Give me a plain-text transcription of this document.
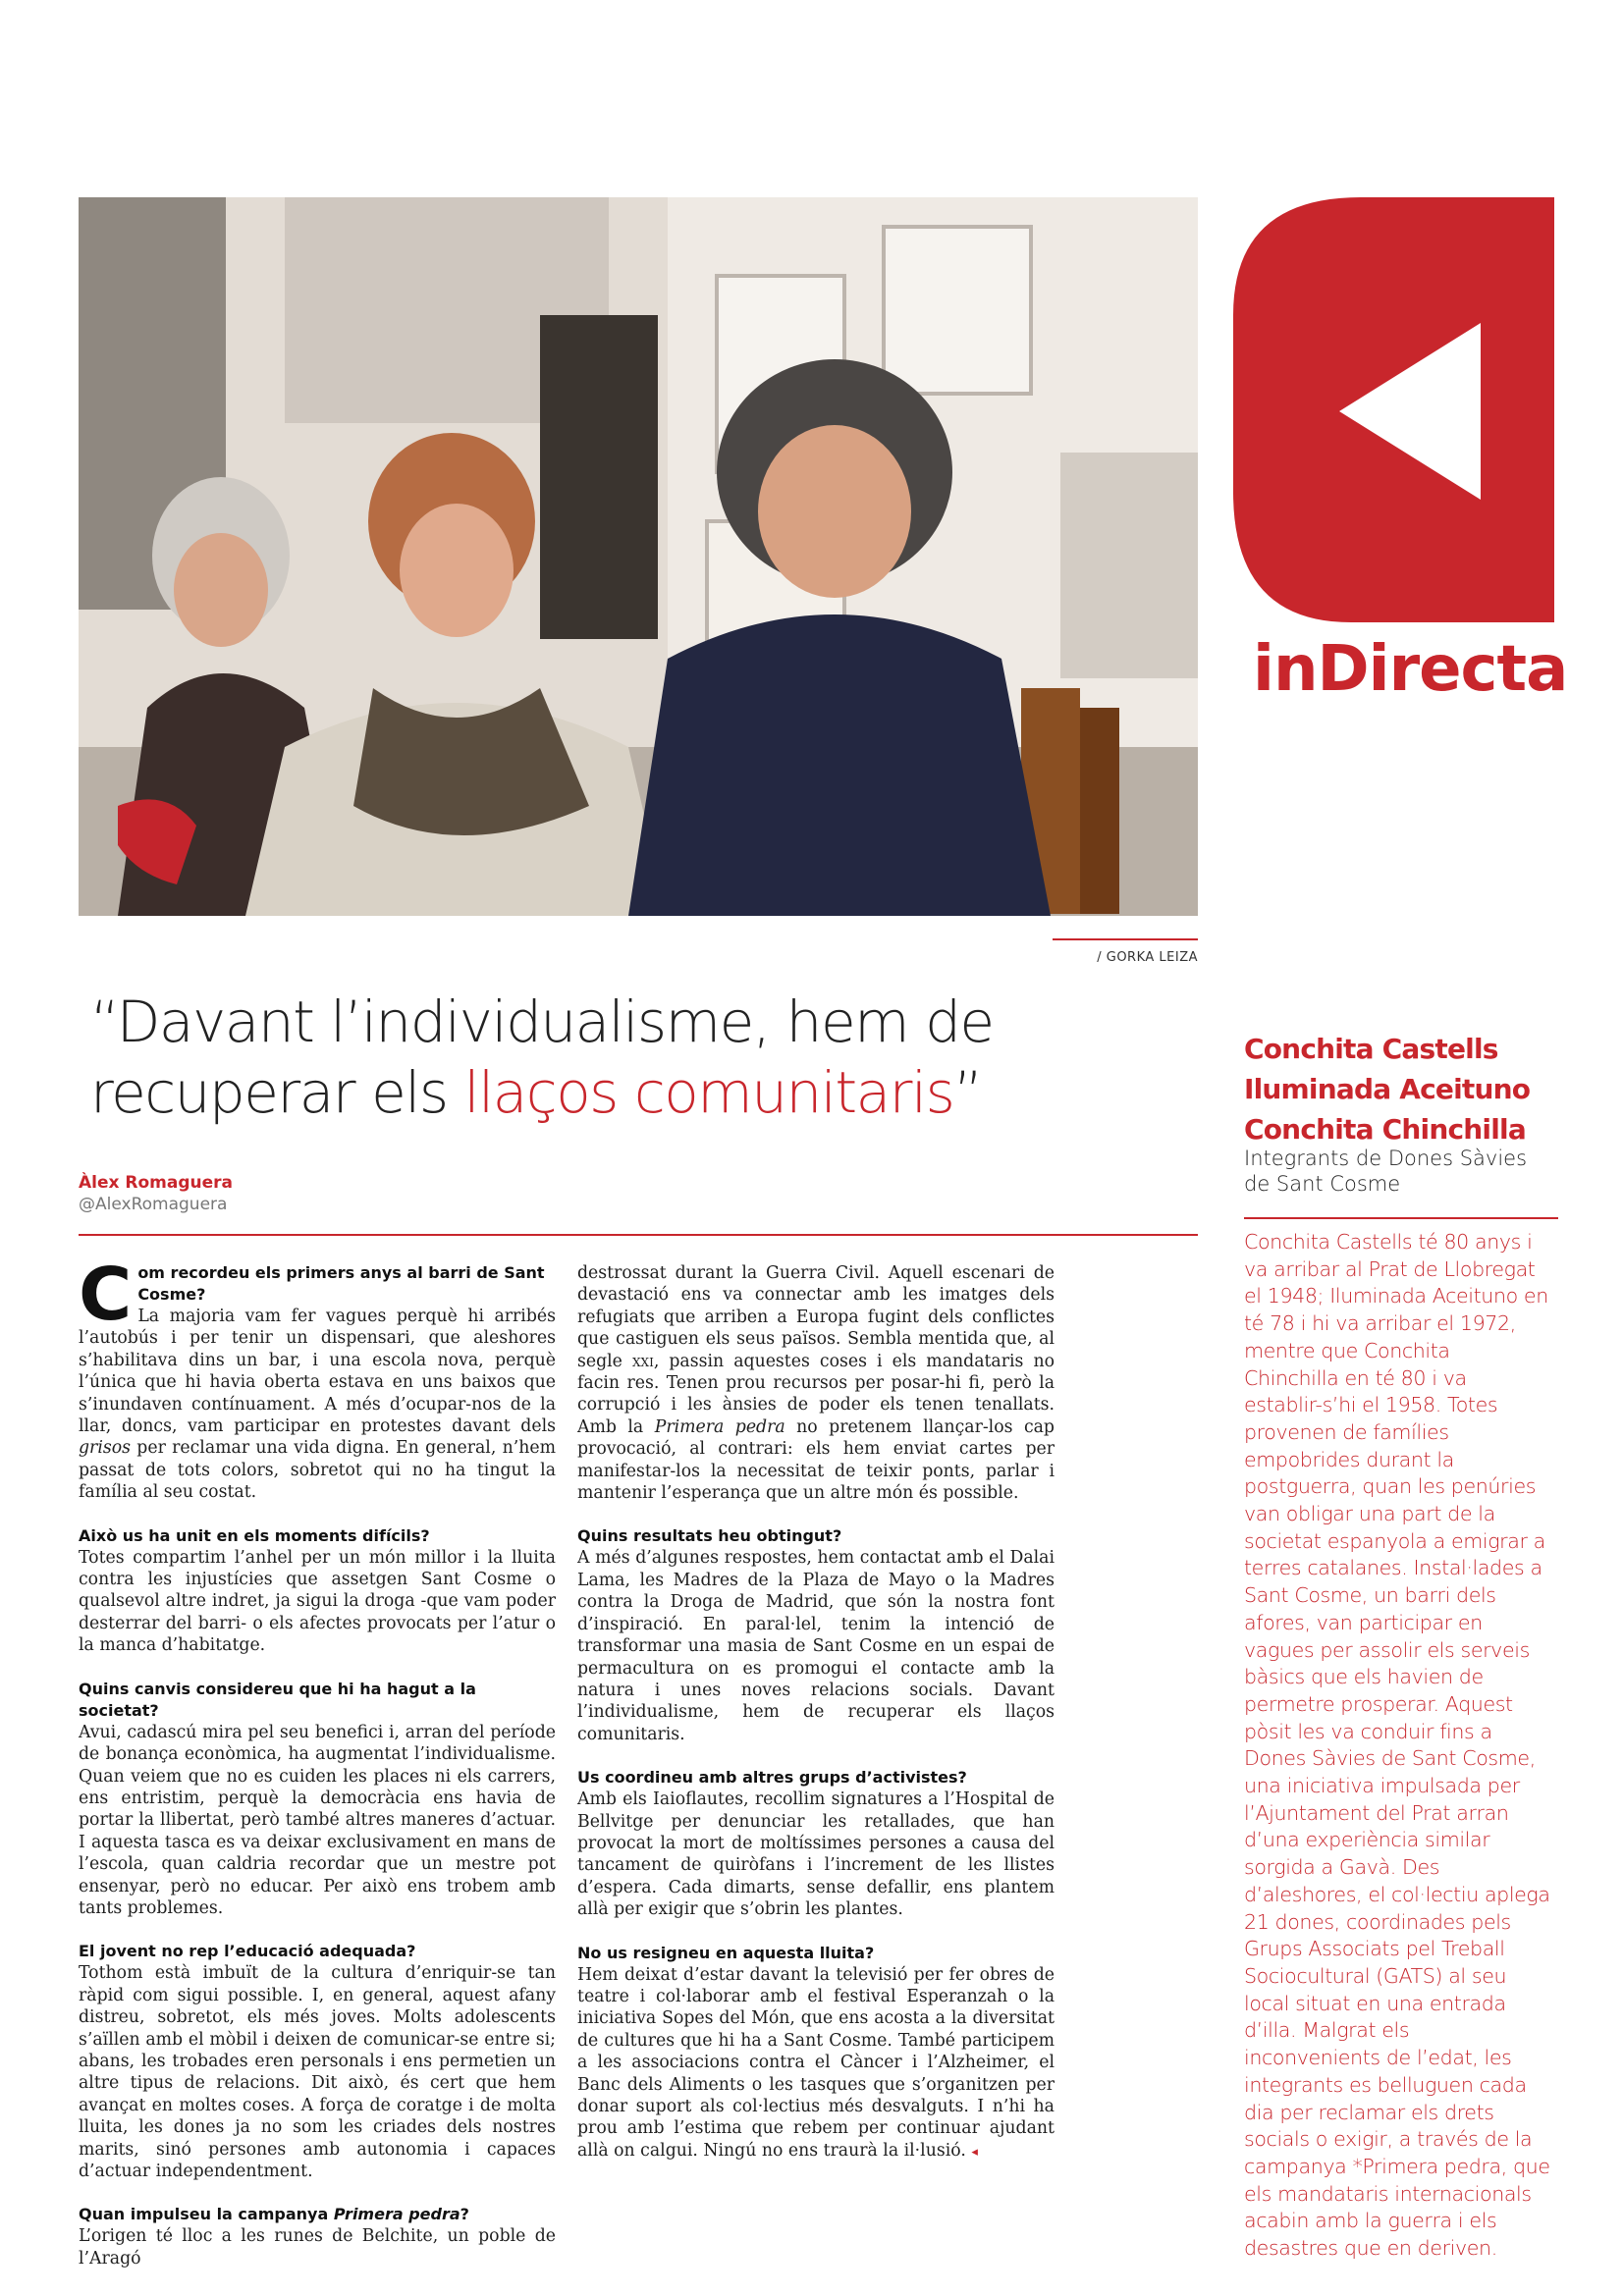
inDirecta
/ GORKA LEIZA
“Davant l’individualisme, hem de recuperar els llaços comunitaris”
Àlex Romaguera
@AlexRomaguera
Com recordeu els primers anys al barri de Sant Cosme?

La majoria vam fer vagues perquè hi arribés l’autobús i per tenir un dispensari, que aleshores s’habilitava dins un bar, i una escola nova, perquè l’única que hi havia oberta estava en uns baixos que s’inundaven contínuament. A més d’ocupar-nos de la llar, doncs, vam participar en protestes davant dels grisos per reclamar una vida digna. En general, n’hem passat de tots colors, sobretot qui no ha tingut la família al seu costat.

Això us ha unit en els moments difícils?

Totes compartim l’anhel per un món millor i la lluita contra les injustícies que assetgen Sant Cosme o qualsevol altre indret, ja sigui la droga -que vam poder desterrar del barri- o els afectes provocats per l’atur o la manca d’habitatge.

Quins canvis considereu que hi ha hagut a la societat?

Avui, cadascú mira pel seu benefici i, arran del període de bonança econòmica, ha augmentat l’individualisme. Quan veiem que no es cuiden les places ni els carrers, ens entristim, perquè la democràcia ens havia de portar la llibertat, però també altres maneres d’actuar. I aquesta tasca es va deixar exclusivament en mans de l’escola, quan caldria recordar que un mestre pot ensenyar, però no educar. Per això ens trobem amb tants problemes.

El jovent no rep l’educació adequada?

Tothom està imbuït de la cultura d’enriquir-se tan ràpid com sigui possible. I, en general, aquest afany distreu, sobretot, els més joves. Molts adolescents s’aïllen amb el mòbil i deixen de comunicar-se entre si; abans, les trobades eren personals i ens permetien un altre tipus de relacions. Dit això, és cert que hem avançat en moltes coses. A força de coratge i de molta lluita, les dones ja no som les criades dels nostres marits, sinó persones amb autonomia i capaces d’actuar independentment.

Quan impulseu la campanya Primera pedra?

L’origen té lloc a les runes de Belchite, un poble de l’Aragó

destrossat durant la Guerra Civil. Aquell escenari de devastació ens va connectar amb les imatges dels refugiats que arriben a Europa fugint dels conflictes que castiguen els seus països. Sembla mentida que, al segle xxi, passin aquestes coses i els mandataris no facin res. Tenen prou recursos per posar-hi fi, però la corrupció i les ànsies de poder els tenen tenallats. Amb la Primera pedra no pretenem llançar-los cap provocació, al contrari: els hem enviat cartes per manifestar-los la necessitat de teixir ponts, parlar i mantenir l’esperança que un altre món és possible.

Quins resultats heu obtingut?

A més d’algunes respostes, hem contactat amb el Dalai Lama, les Madres de la Plaza de Mayo o la Madres contra la Droga de Madrid, que són la nostra font d’inspiració. En paral·lel, tenim la intenció de transformar una masia de Sant Cosme en un espai de permacultura on es promogui el contacte amb la natura i unes noves relacions socials. Davant l’individualisme, hem de recuperar els llaços comunitaris.

Us coordineu amb altres grups d’activistes?

Amb els Iaioflautes, recollim signatures a l’Hospital de Bellvitge per denunciar les retallades, que han provocat la mort de moltíssimes persones a causa del tancament de quiròfans i l’increment de les llistes d’espera. Cada dimarts, sense defallir, ens plantem allà per exigir que s’obrin les plantes.

No us resigneu en aquesta lluita?

Hem deixat d’estar davant la televisió per fer obres de teatre i col·laborar amb el festival Esperanzah o la iniciativa Sopes del Món, que ens acosta a la diversitat de cultures que hi ha a Sant Cosme. També participem a les associacions contra el Càncer i l’Alzheimer, el Banc dels Aliments o les tasques que s’organitzen per donar suport als col·lectius més desvalguts. I n’hi ha prou amb l’estima que rebem per continuar ajudant allà on calgui. Ningú no ens traurà la il·lusió. ◂

Conchita Castells
Iluminada Aceituno
Conchita Chinchilla
Integrants de Dones Sàvies de Sant Cosme
Conchita Castells té 80 anys i va arribar al Prat de Llobregat el 1948; Iluminada Aceituno en té 78 i hi va arribar el 1972, mentre que Conchita Chinchilla en té 80 i va establir-s’hi el 1958. Totes provenen de famílies empobrides durant la postguerra, quan les penúries van obligar una part de la societat espanyola a emigrar a terres catalanes. Instal·lades a Sant Cosme, un barri dels afores, van participar en vagues per assolir els serveis bàsics que els havien de permetre prosperar. Aquest pòsit les va conduir fins a Dones Sàvies de Sant Cosme, una iniciativa impulsada per l’Ajuntament del Prat arran d’una experiència similar sorgida a Gavà. Des d’aleshores, el col·lectiu aplega 21 dones, coordinades pels Grups Associats pel Treball Sociocultural (GATS) al seu local situat en una entrada d’illa. Malgrat els inconvenients de l’edat, les integrants es belluguen cada dia per reclamar els drets socials o exigir, a través de la campanya *Primera pedra, que els mandataris internacionals acabin amb la guerra i els desastres que en deriven.
